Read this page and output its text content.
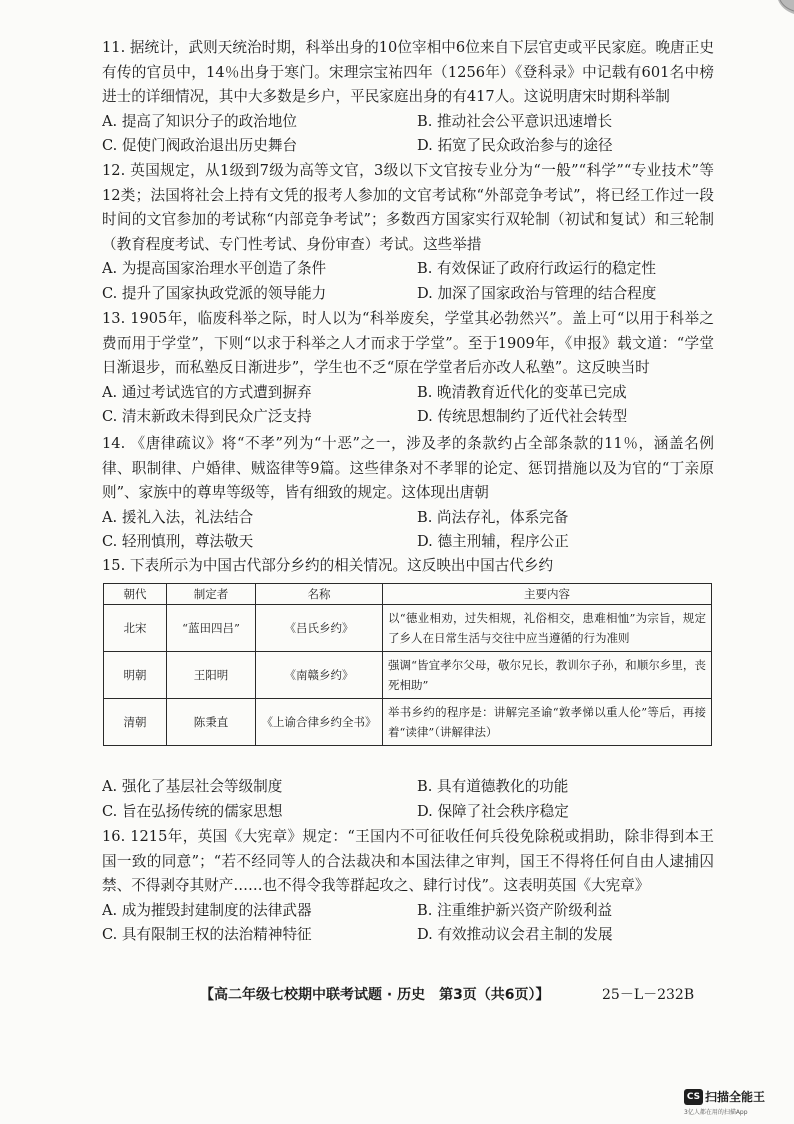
11. 据统计，武则天统治时期，科举出身的10位宰相中6位来自下层官吏或平民家庭。晚唐正史有传的官员中，14％出身于寒门。宋理宗宝祐四年（1256年）《登科录》中记载有601名中榜进士的详细情况，其中大多数是乡户，平民家庭出身的有417人。这说明唐宋时期科举制

A. 提高了知识分子的政治地位	B. 推动社会公平意识迅速增长
C. 促使门阀政治退出历史舞台	D. 拓宽了民众政治参与的途径

12. 英国规定，从1级到7级为高等文官，3级以下文官按专业分为“一般”“科学”“专业技术”等12类；法国将社会上持有文凭的报考人参加的文官考试称“外部竞争考试”，将已经工作过一段时间的文官参加的考试称“内部竞争考试”；多数西方国家实行双轮制（初试和复试）和三轮制（教育程度考试、专门性考试、身份审查）考试。这些举措

A. 为提高国家治理水平创造了条件	B. 有效保证了政府行政运行的稳定性
C. 提升了国家执政党派的领导能力	D. 加深了国家政治与管理的结合程度

13. 1905年，临废科举之际，时人以为“科举废矣，学堂其必勃然兴”。盖上可“以用于科举之费而用于学堂”，下则“以求于科举之人才而求于学堂”。至于1909年，《申报》载文道：“学堂日渐退步，而私塾反日渐进步”，学生也不乏“原在学堂者后亦改人私塾”。这反映当时

A. 通过考试选官的方式遭到摒弃	B. 晚清教育近代化的变革已完成
C. 清末新政未得到民众广泛支持	D. 传统思想制约了近代社会转型

14. 《唐律疏议》将“不孝”列为“十恶”之一，涉及孝的条款约占全部条款的11％，涵盖名例律、职制律、户婚律、贼盗律等9篇。这些律条对不孝罪的论定、惩罚措施以及为官的“丁亲原则”、家族中的尊卑等级等，皆有细致的规定。这体现出唐朝

A. 援礼入法，礼法结合	B. 尚法存礼，体系完备
C. 轻刑慎刑，尊法敬天	D. 德主刑辅，程序公正

15. 下表所示为中国古代部分乡约的相关情况。这反映出中国古代乡约

朝代	制定者	名称	主要内容
北宋	“蓝田四吕”	《吕氏乡约》	以“德业相劝，过失相规，礼俗相交，患难相恤”为宗旨，规定了乡人在日常生活与交往中应当遵循的行为准则
明朝	王阳明	《南赣乡约》	强调“皆宜孝尔父母，敬尔兄长，教训尔子孙，和顺尔乡里，丧死相助”
清朝	陈秉直	《上谕合律乡约全书》	举书乡约的程序是：讲解完圣谕“敦孝悌以重人伦”等后，再接着“读律”（讲解律法）
A. 强化了基层社会等级制度	B. 具有道德教化的功能
C. 旨在弘扬传统的儒家思想	D. 保障了社会秩序稳定

16. 1215年，英国《大宪章》规定：“王国内不可征收任何兵役免除税或捐助，除非得到本王国一致的同意”；“若不经同等人的合法裁决和本国法律之审判，国王不得将任何自由人逮捕囚禁、不得剥夺其财产……也不得令我等群起攻之、肆行讨伐”。这表明英国《大宪章》

A. 成为摧毁封建制度的法律武器	B. 注重维护新兴资产阶级利益
C. 具有限制王权的法治精神特征	D. 有效推动议会君主制的发展
【高二年级七校期中联考试题 · 历史　第3页（共6页）】	25－L－232B
CS 扫描全能王
3亿人都在用的扫描App
